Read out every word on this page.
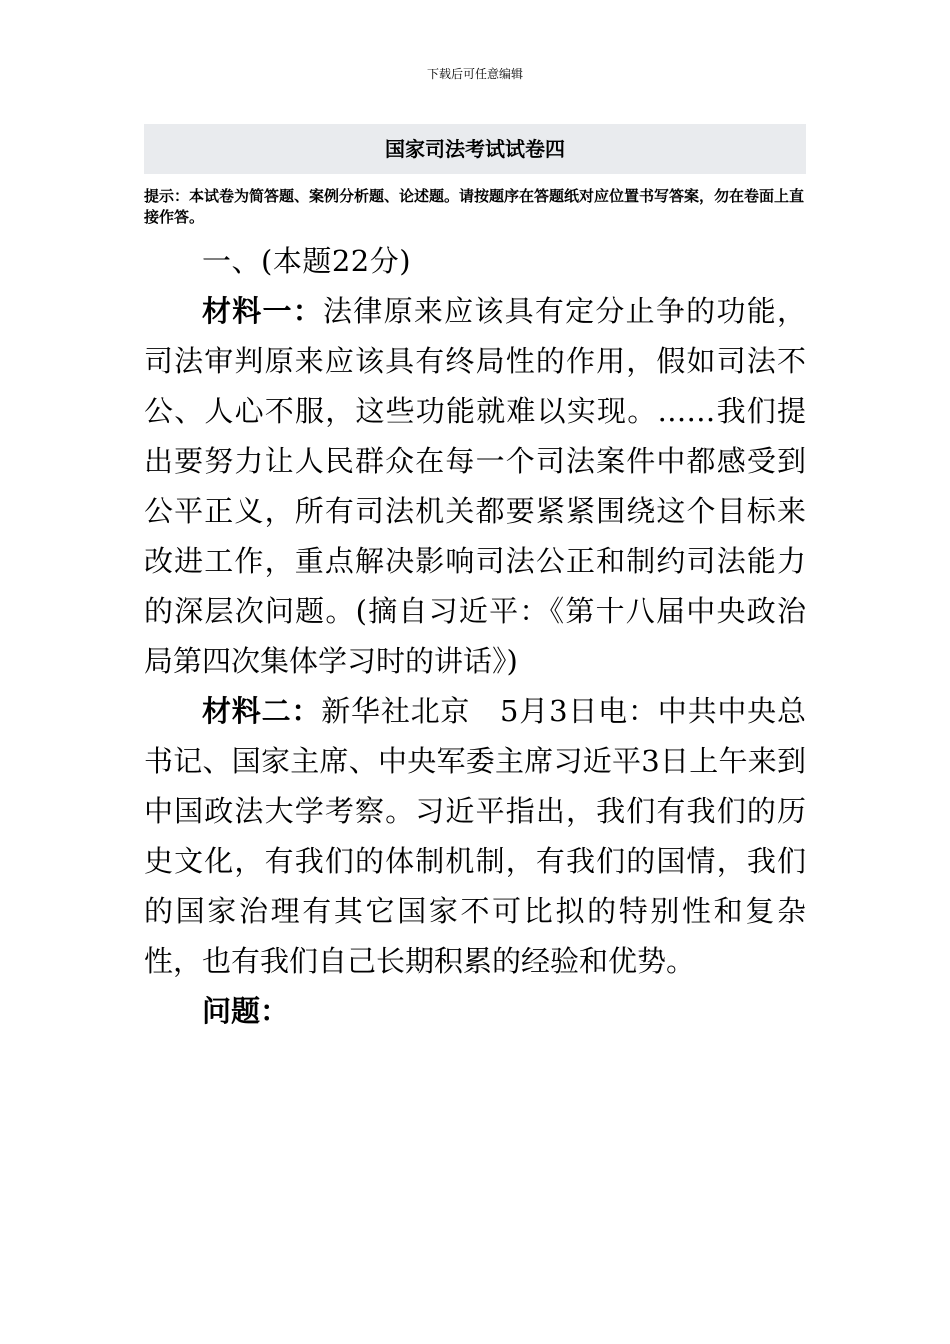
下载后可任意编辑
国家司法考试试卷四
提示：本试卷为简答题、案例分析题、论述题。请按题序在答题纸对应位置书写答案，勿在卷面上直接作答。

一、(本题22分)

材料一：法律原来应该具有定分止争的功能，司法审判原来应该具有终局性的作用，假如司法不公、人心不服，这些功能就难以实现。……我们提出要努力让人民群众在每一个司法案件中都感受到公平正义，所有司法机关都要紧紧围绕这个目标来改进工作，重点解决影响司法公正和制约司法能力的深层次问题。(摘自习近平：《第十八届中央政治局第四次集体学习时的讲话》)

材料二：新华社北京　5月3日电：中共中央总书记、国家主席、中央军委主席习近平3日上午来到中国政法大学考察。习近平指出，我们有我们的历史文化，有我们的体制机制，有我们的国情，我们的国家治理有其它国家不可比拟的特别性和复杂性，也有我们自己长期积累的经验和优势。

问题：
